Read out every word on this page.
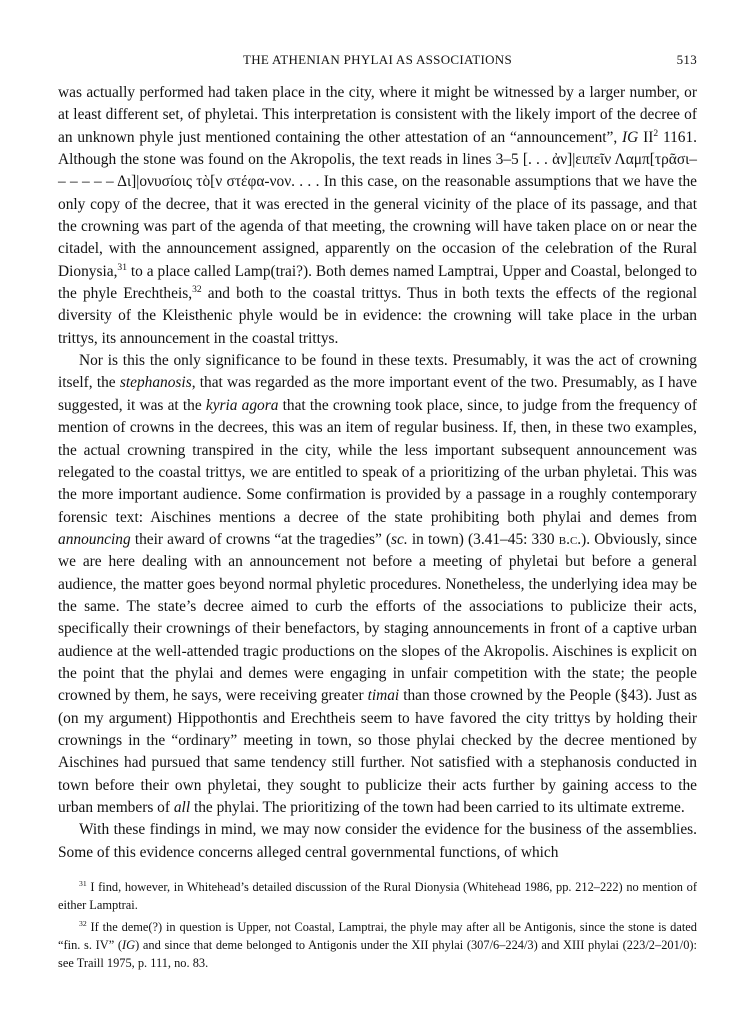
THE ATHENIAN PHYLAI AS ASSOCIATIONS	513

was actually performed had taken place in the city, where it might be witnessed by a larger number, or at least different set, of phyletai. This interpretation is consistent with the likely import of the decree of an unknown phyle just mentioned containing the other attestation of an “announcement”, IG $II^2$ 1161. Although the stone was found on the Akropolis, the text reads in lines 3–5 [. . . ἀν]|ειπεῖν Λαμπ[τρᾶσι– – – – – – Δι]|ονυσίοις τὸ[ν στέφα-νον. . . . In this case, on the reasonable assumptions that we have the only copy of the decree, that it was erected in the general vicinity of the place of its passage, and that the crowning was part of the agenda of that meeting, the crowning will have taken place on or near the citadel, with the announcement assigned, apparently on the occasion of the celebration of the Rural Dionysia,$^{31}$ to a place called Lamp(trai?). Both demes named Lamptrai, Upper and Coastal, belonged to the phyle Erechtheis,$^{32}$ and both to the coastal trittys. Thus in both texts the effects of the regional diversity of the Kleisthenic phyle would be in evidence: the crowning will take place in the urban trittys, its announcement in the coastal trittys.

Nor is this the only significance to be found in these texts. Presumably, it was the act of crowning itself, the stephanosis, that was regarded as the more important event of the two. Presumably, as I have suggested, it was at the kyria agora that the crowning took place, since, to judge from the frequency of mention of crowns in the decrees, this was an item of regular business. If, then, in these two examples, the actual crowning transpired in the city, while the less important subsequent announcement was relegated to the coastal trittys, we are entitled to speak of a prioritizing of the urban phyletai. This was the more important audience. Some confirmation is provided by a passage in a roughly contemporary forensic text: Aischines mentions a decree of the state prohibiting both phylai and demes from announcing their award of crowns “at the tragedies” (sc. in town) (3.41–45: 330 b.c.). Obviously, since we are here dealing with an announcement not before a meeting of phyletai but before a general audience, the matter goes beyond normal phyletic procedures. Nonetheless, the underlying idea may be the same. The state’s decree aimed to curb the efforts of the associations to publicize their acts, specifically their crownings of their benefactors, by staging announcements in front of a captive urban audience at the well-attended tragic productions on the slopes of the Akropolis. Aischines is explicit on the point that the phylai and demes were engaging in unfair competition with the state; the people crowned by them, he says, were receiving greater timai than those crowned by the People (§43). Just as (on my argument) Hippothontis and Erechtheis seem to have favored the city trittys by holding their crownings in the “ordinary” meeting in town, so those phylai checked by the decree mentioned by Aischines had pursued that same tendency still further. Not satisfied with a stephanosis conducted in town before their own phyletai, they sought to publicize their acts further by gaining access to the urban members of all the phylai. The prioritizing of the town had been carried to its ultimate extreme.

With these findings in mind, we may now consider the evidence for the business of the assemblies. Some of this evidence concerns alleged central governmental functions, of which

$^{31}$ I find, however, in Whitehead’s detailed discussion of the Rural Dionysia (Whitehead 1986, pp. 212–222) no mention of either Lamptrai.

$^{32}$ If the deme(?) in question is Upper, not Coastal, Lamptrai, the phyle may after all be Antigonis, since the stone is dated “fin. s. IV” (IG) and since that deme belonged to Antigonis under the XII phylai (307/6–224/3) and XIII phylai (223/2–201/0): see Traill 1975, p. 111, no. 83.
